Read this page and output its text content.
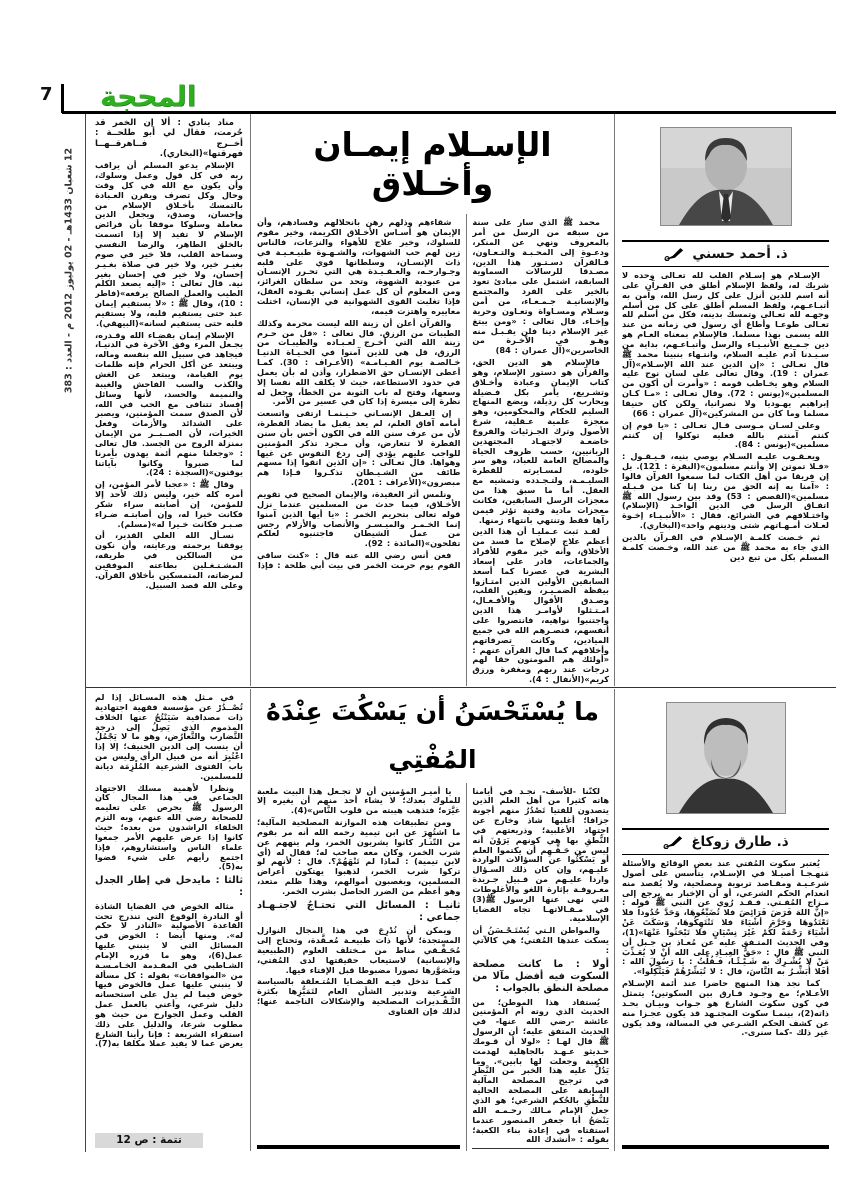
7 المحجة
12 شعبان 1433هـ - 02 يوليوز 2012 م - العدد : 383
ذ. أحمد حسني

الإسـلام هو إسـلام القلب لله تعـالى وحده لا شريك له، ولفظ الإسلام أطلق في القـرآن على أنه اسم للدين أنزل على كل رسل الله، وآمن به أتبـاعـهم، ولفظ المسلم أطلق على كل من أسلم وجهـه لله تعـالى وتمسك بدينه، فكل من أسلم لله تعـالى طوعـا وأطاع أي رسول في زمانه من عند الله يسمى بهذا مسلما. فالإسلام بمعناه العـام هو دين جـمـيع الأنبـيـاء والرسل وأتبـاعـهم، بداية من سـيـدنا آدم عليـه السلام، وانتـهاء بنبينا محمد ﷺ قال تعـالى : «إن الدين عند الله الإسـلام»(آل عمران : 19). وقال تعالى على لسان نوح عليه السلام وهو يخـاطب قومه : «وأمرت أن أكون من المسلمين»(يونس : 72). وقال تعـالى : «مـا كـان إبراهيم يهـوديا ولا نصرانيا، ولكن كان حنيفا مسلما وما كان من المشركين»(آل عمران : 66)

وعلى لسـان مـوسى قـال تعـالى : «يا قوم إن كنتم آمنتم بالله فعليه توكلوا إن كنتم مسلمين»(يونس : 84).

ويعـقـوب عليـه السـلام يوصي بنيه، فـيـقـول : «فـلا تموتن إلا وأنتم مسلمون»(البقرة : 121). بل إن فريقا من أهل الكتاب لما سمعوا القرآن قالوا : «آمنا به إنه الحق من ربنا إنا كنا من قـبـله مسلمين»(القصص : 53) وقد بين رسول الله ﷺ اتفـاق الرسل في الدين الواحـد (الإسلام) واختـلافهم في الشرائع. فقال : «الأنبـيـاء إخـوة لعـلات أمـهـاتهم شتى ودينهم واحد»(البخاري).

ثم خـصت كلمـة الإسـلام في القـرآن بالدين الذي جاء به محمد ﷺ من عند الله، وخـصت كلمـة المسلم بكل من تبع دين

الإسـلام إيمـان وأخـلاق

محمد ﷺ الذي سار على سنة من سبقه من الرسل من أمر بالمعروف ونهي عن المنكر، ودعـوة إلى المحـبـة والتـعـاون، فـالقرآن دسـتـور هذا الدين، مصـدقا للرسالات السماوية السابقة، اشتمل على مبادئ تعود بالخير على الفرد والمجتمع والإنسانيـة جـمـعـاء، من أمن وسـلام ومسـاواة وتعـاون وحرية وإخـاء. قال تعالى : «ومن يبتغ غير الإسلام دينا فلن يقـبـل منه وهـو في الآخـرة من الخاسرين»(آل عمران : 84)

فالإسلام هو الدين الحق، والقرآن هو دستور الإسلام، وهو كتاب الإيمان وعبادة وأخـلاق وتشـريع، يأمر بكل فـضيلة ويحارب كل رذيلة، ويضع المنهاج السليم للحكام والمحكومين، وهو معجزة علمية عـقلية، شرع الأصول وترك الجـزئيات والفروع خاضعـة لاجتهـاد المجتهدين الربانيين، حسب ظروف الحياة والمصالح العامة للعباد، وهو سر خلوده، لمسـايرته للفطرة السليـمـة، ولتـجـدده وتمشيه مع العقل. أما ما سبق هذا من معجزات الرسل السابقين، فكانت معجزات مادية وقتية تؤثر فيمن رآها فقط وتنتهي بانتهاء زمنها.

لقـد ثبت عـمليـا أن هذا الدين أعظم علاج لإصلاح ما فسد من الأخلاق، وأنه خير مقوم للأفراد والجماعات، قادر على إسعاد البشرية في عصرنا كما أسعد السابقين الأولين الذين امتـازوا بيقظة الضمـيـر، ويقين القلب، وصـدق الأقوال والأفـعـال، امـتـثلوا لأوامـر هذا الدين واجتنبوا نواهيه، فانتصروا على أنفسهم، فنصـرهم الله في جميع الميادين، وكانت تصرفاتهم وأخلاقهم كما قال القرآن عنهم : «أولئك هم المومنون حقا لهم درجات عند ربهم ومغفرة ورزق كريم»(الأنفال : 4).

شقاءهم وذلهم رهن بانحلالهم وفسادهم، وأن الإيمان هو أسـاس الأخـلاق الكريمة، وخير مقوم للسلوك، وخير علاج للأهواء والنزعات، فالناس زين لهم حب الشهوات، والشـهـوة طبيـعـيـة في ذات الإنسـان، وسلطانها قوي على قلبه وجـوارحـه، والعـقـيـدة هي التي تحـرر الإنسـان من عبودية الشهوة، وتحد من سلطان الغرائز، ومن المعلوم أن كل عمل إنساني يقـوده العقل، فإذا تغلبت القوى الشهوانية في الإنسان، اختلت معاييره واهتزت قيمه،

والقرآن أعلن أن زينة الله ليست محرمة وكذلك الطيبات من الرزق. قال تعالى : «قل من حـرم زينة الله التي أخـرج لعـبـاده والطيبـات من الرزق، قل هي للذين آمنوا في الحـيـاة الدنيـا خـالصـة يوم القـيـامـة» (الأعـراف : 30). كمـا أعطى الإنسـان حق الاضطرار، وأذن له بأن يعمل في حدود الاستطاعة، حيث لا يكلف الله نفسا إلا وسعها، وفتح له باب التوبة من الخطأ، وجعل له نظرة إلى ميسرة إذا كان في عسير من الأمر.

إن العـقل الإنسـاني حـيـنمـا ارتقى واتسعت أمامه آفاق العلم، لم يعد يقبل ما يضاد الفطرة، لأن من عرف سنن الله في الكون أحس بأن سنن الفطرة لا تتعارض، وأن مـجرد تذكر المؤمنين للواجب عليهم يؤدي إلى ردع النفوس عن غيها وهواها. قال تعـالى : «إن الذين اتقوا إذا مسهم طائف من الشـيـطان تذكـروا فـإذا هم مبصرون»(الأعراف : 201).

ونلمس أثر العقيدة، والإيمان الصحيح في تقويم الأخـلاق، فيما حدث من المسلمين عندما نزل قوله تعالى بتحريم الخمر : «يا أيها الذين آمنوا إنما الخـمـر والميـسـر والأنصاب والأزلام رجس من عمل الشيطان فاجتنبوه لعلكم تفلحون»(المائدة : 92).

فعن أنس رضي الله عنه قال : «كنت ساقي القوم يوم حرمت الخمر في بيت أبي طلحة : فإذا

مناد ينادي : ألا إن الخمر قد حُرمت، فقال لي أبو طلحــة : أخــرج فــاهرقــهــا فهرقتها»(البخاري).

الإسلام يدعو المسلم أن يراقب ربه في كل قول وعمل وسلوك، وأن يكون مع الله في كل وقت وحال وكل تصرف ويقرن العـبادة بالتمسك بأخـلاق الإسلام من وإحسان، وصدق، ويجعل الدين معاملة وسلوكا موفقا بأن فرائض الإسلام لا تفيد إلا إذا اتسمت بالخلق الطاهر، والرضا النفسي وسماحة القلب، فلا خير في صوم بغيـر خير، ولا خير في صلاة بغـيـر إحسان، ولا خير في إحسان بغير نية. قال تعالى : «إليه يصعد الكلم الطيب والعمل الصالح يرفعه»(فاطر : 10)، وقال ﷺ : «لا يستقيم إيمان عبد حتى يستقيم قلبه، ولا يستقيم قلبه حتى يستقيم لسانه»(البيهقي).

الإسلام إيمان بقضـاء الله وقـدره، يجـعل المرء وفق الآخرة في الدنيـا، فيجاهد في سبيل الله بنفسه وماله، ويبتعد عن أكل الحرام فإنه ظلمات يوم القيامة، ويبتعد عن الغش والكذب والسب الفاحش والغيبة والنميمة والحسد، لأنها وسائل إفساد تتنافى مع الحب في الله، لأن الصدق سمت المؤمنين، ويصبر على الشدائد والأزمات وفعل الخيرات، لأن الصــبــر من الإيمان بمنزلة الروح من الجسد. قال تعالى : «وجعلنا منهم أئمة يهدون بأمرنا لما صبروا وكانوا بآياتنا يوقنون»(السجدة : 24).

وقال ﷺ : «عجبا لأمر المؤمن، إن أمره كله خير، وليس ذلك لأحد إلا للمؤمن، إن أصابته سراء شكر فكانت خيرا له، وإن أصابتـه ضـراء صـبـر فكانت خـيرا له»(مسلم).

نسـأل الله العلي القدير، أن يوفقنا برحمته ورعايته، وأن نكون من السالكين في طريقه، المشـتـغـلين بطاعته الموفقين لمرضاته، المتمسكين بأخلاق القرآن. وعلى الله قصد السبيل.

ذ. طارق زوكاغ

يُعتبر سكوت المُفتي عند بعض الوقائع والأسئلة مَنهـجـا أصيـلا في الإسـلام، يتأسس على أصول شرعـيـة ومقـاصد تربوية ومصلحية، ولا يُقصد منه انعدام الحكم الشرعي، أو أن الإخبار به يرجع إلى مـزاج المُفـتي. فـقـد رُوي عن النبي ﷺ قوله : «إنَّ اللهَ فَرَضَ فَرَائِضَ فلا تُضَيِّعُوهَا، وَحَدَّ حُدُوداً فلا تَعْتَدُوهَا وَحَرَّمَ أشْيَاءَ فلا تَنْتَهِكُوهَا، وَسَكَتَ عَنْ أشْيَاءَ رَحْمَةً لَكُمْ غَيْرَ نِسْيَانٍ فلا تَبْحَثُوا عَنْهَا»(1)، وفي الحديث المتـفق عليه عن مُعـاذ بن جـبل أن النبي ﷺ قال : «حَقُّ العِبـادِ على الله أنْ لا يُعَـذِّبَ مَنْ لا يُشْـرِكُ به شَـيْـئًـا، فَـقُلْتُ : يا رَسُولَ الله : أفَلا أُبَشِّـرُ به النَّاسَ، قال : لا تُبَشِّرْهُمْ فَيَتَّكِلُوا».

كما نجد هذا المنهج حاضرا عند أئمة الإسـلام الأعـلام؛ مع وجـود فـارق بين السكوتين؛ يتمثل في كون سكوت الشارع هو جـواب وبيـان بحـد ذاته(2)، بينمـا سكوت المجتـهد قد يكون عجـزا منه عن كشف الحكم الشـرعي في المسالة، وقد يكون غير ذلك -كما سنرى-.

ما يُسْتَحْسَنُ أن يَسْكُتَ عِنْدَهُ المُفْتِي

لكنّنا -للأسف- نجـد في أيامنا هاته كثيرا من أهل العلم الذين يتصدون للفتيا تَصْدُرُ منهم أجوبة جزافا؛ أغلبها شاذ وخارج عن اجتهاد الأغلبية؛ وذريعتهم في النُّطْقِ بها هي كونهم يَرَوْنَ أنه ليس من حَـقِّـهِم أن يكتموا العلم أو يَسْكُتُوا عن السؤالات الواردة عليـهم، وإن كان ذلك السـؤال واردا عليـهم من قـبيل جـريدة معـروفـة بإثارة اللغو والأغلوطات التي نهى عنها الرسول ﷺ(3) في مـقـالاتهـا تجاه القضايا الإسلامية.

والمواطن الـتي يُسْتَـحْـسَنُ أن يسكت عندها المُفتي؛ هي كالآتي :

أولا : ما كانت مصلحة السكوت فيه أفضل مآلا من مصلحة النطق بالجواب :

يُستفاد هذا الموطن؛ من الحديث الذي روته أم المؤمنين عائشة -رضي الله عنها- في الحديث المتفق عليه؛ أن الرسول ﷺ قال لهـا : «لولا أن قـومك حـديثو عـهـد بالجاهلية لهدمت الكعبة وجعلت لها بابين». وما يَدُلُّ عليه هذا الخبر من النَّظَرِ في ترجيح المصلحة المآلية السابقة على المصلحة الحالية للنُّطْقِ بالحُكم الشرعي؛ هو الذي جعل الإمام مـالك رحـمـه الله يَنْصَحُ أبا جعفر المنصور عندما استفتاه في إعادة بناء الكعبة؛ بقوله : «أنشدك الله

يا أميـر المؤمنين أن لا تجـعل هذا البيت ملعبة للملوك بعدك؛ لا يشاء أحد منهم أن يغيره إلا غيَّرَه؛ فتذهب هيبته من قلوب النَّاس»(4).

ومن تطبيقات هذه الموازنة المصلحية المآلية؛ ما اشتُهِرَ عن ابن تيمية رحمه الله أنه مر بقوم من التّتـار كانوا يشربون الخمر، ولم ينههم عن شرب الخمر، وكان معه صاحب له؛ فقال له (أي لابن تيمية) : لماذا لم تَنْهَهُمْ؟. قال : لأنهم لو تركوا شرب الخمر، لذهبوا يهتكون أعراض المسلمين، ويغصبون أموالهم، وهذا ظلم متعد، وهو أعظم من الضرر الحاصل بشرب الخمر.

ثانيـا : المسائل التي تحتـاجُ لاجتـهـاد جماعي :

ويمكن أن نُدْرِجَ في هذا المجال النوازل المستجدة؛ لأنها ذات طبيعـة مُعـقَّدة، وتحتاج إلى مُحَـقِّـقي مناط من مـختلف العلوم (الطبيعية والإنسانية) لاستيعاب حقيقتها لدى المُفتي، ويتَصَوَّرها تصورا مضبوطا قبل الإفتاء فيها.

كمـا تدخل فيـه القـضـايا المُتـعلقة بالسياسة الشرعية وتدبير الشأن العام لتَمَيُّزِها بكثرة التَّـقْـديرات المصلحية والإشكالات الناجمة عنها؛ لذلك فإن الفتاوى

في مـثل هذه المسـائل إذا لم تُصْــدُرْ عن مؤسسة فقهية اجتهادية ذات مصداقية سَيَنْتُجُ عنها الخلاف المذموم الذي يَصِلُ إلى درجة التَّضارب والتَّعارُض، وهو ما لا يَجْمُلُ أن ينسب إلى الدين الحنيف؛ إلا إذا اعْتُبِرَ أنه من قبيل الرأي وليس من باب الفتوى الشرعية المُلْزِمَة ديانة للمسلمين.

ونظرا لأهمية مسلك الاجتهاد الجماعي في هذا المجال كان الرسول ﷺ يحرص على تعليمه للصحابة رضي الله عنهم، وبه التزم الخلفاء الراشدون من بعده؛ حيث كانوا إذا عرض عليهم الأمر جمعوا علماء الناس واستشاروهم، فإذا اجتمع رأيهم على شيء قضوا به(5).

ثالثا : مايدخل في إطار الجدل :

مثاله الخوض في القضايا الشاذة أو النادرة الوقوع التي تندرج تحت القاعدة الأصولية «النادر لا حكم له». ومنها أيضا : الخوض في المسائل التي لا ينبني عليها عمل(6)، وهو ما قرره الإمام الشـاطبي في المقـدمة الخـامـسـة من «الموافقات» بقوله : كل مسألة لا ينبني عليها عمل فالخوض فيها خوض فيما لم يدل على استحسانه دليل شرعي، وأعني بالعمل عمل القلب وعمل الجوارح من حيث هو مطلوب شرعا، والدليل على ذلك استقراء الشريعة : فإنا رأينا الشارع يعرض عما لا يفيد عملا مكلفا به(7).

تتمة : ص 12
